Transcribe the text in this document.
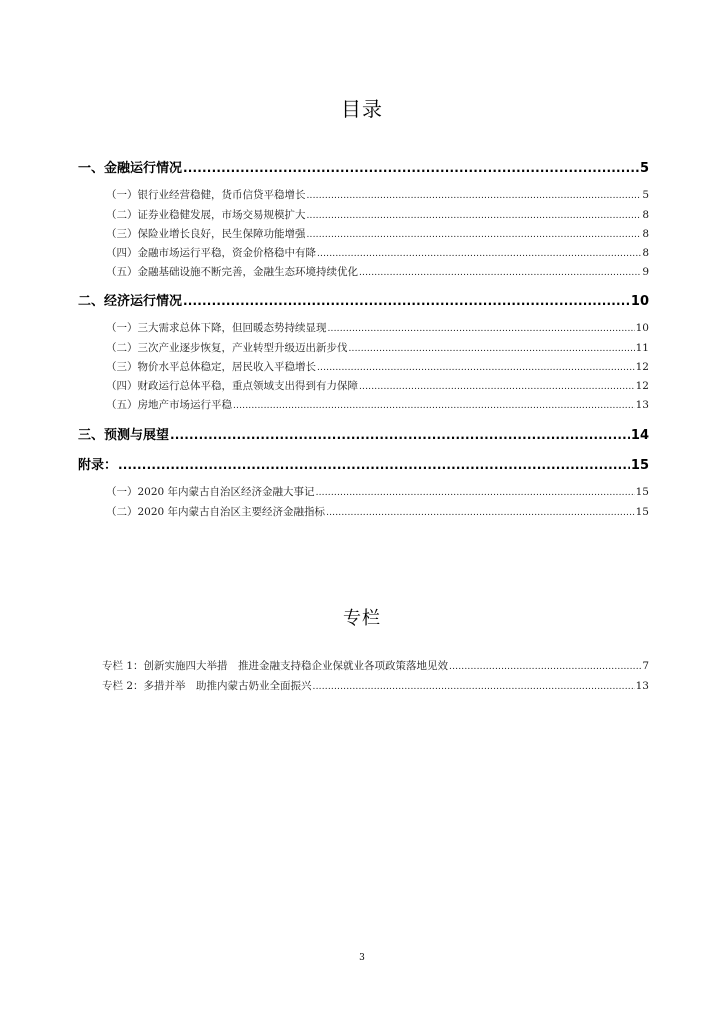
目录
一、金融运行情况 .....	5
（一）银行业经营稳健，货币信贷平稳增长 .....	5
（二）证券业稳健发展，市场交易规模扩大 .....	8
（三）保险业增长良好，民生保障功能增强 .....	8
（四）金融市场运行平稳，资金价格稳中有降 .....	8
（五）金融基础设施不断完善，金融生态环境持续优化 .....	9
二、经济运行情况 .....	10
（一）三大需求总体下降，但回暖态势持续显现 .....	10
（二）三次产业逐步恢复，产业转型升级迈出新步伐 .....	11
（三）物价水平总体稳定，居民收入平稳增长 .....	12
（四）财政运行总体平稳，重点领域支出得到有力保障 .....	12
（五）房地产市场运行平稳 .....	13
三、预测与展望 .....	14
附录： .....	15
（一）2020 年内蒙古自治区经济金融大事记 .....	15
（二）2020 年内蒙古自治区主要经济金融指标 .....	15
专栏
专栏 1：创新实施四大举措　推进金融支持稳企业保就业各项政策落地见效 .....	7
专栏 2：多措并举　助推内蒙古奶业全面振兴 .....	13
3
